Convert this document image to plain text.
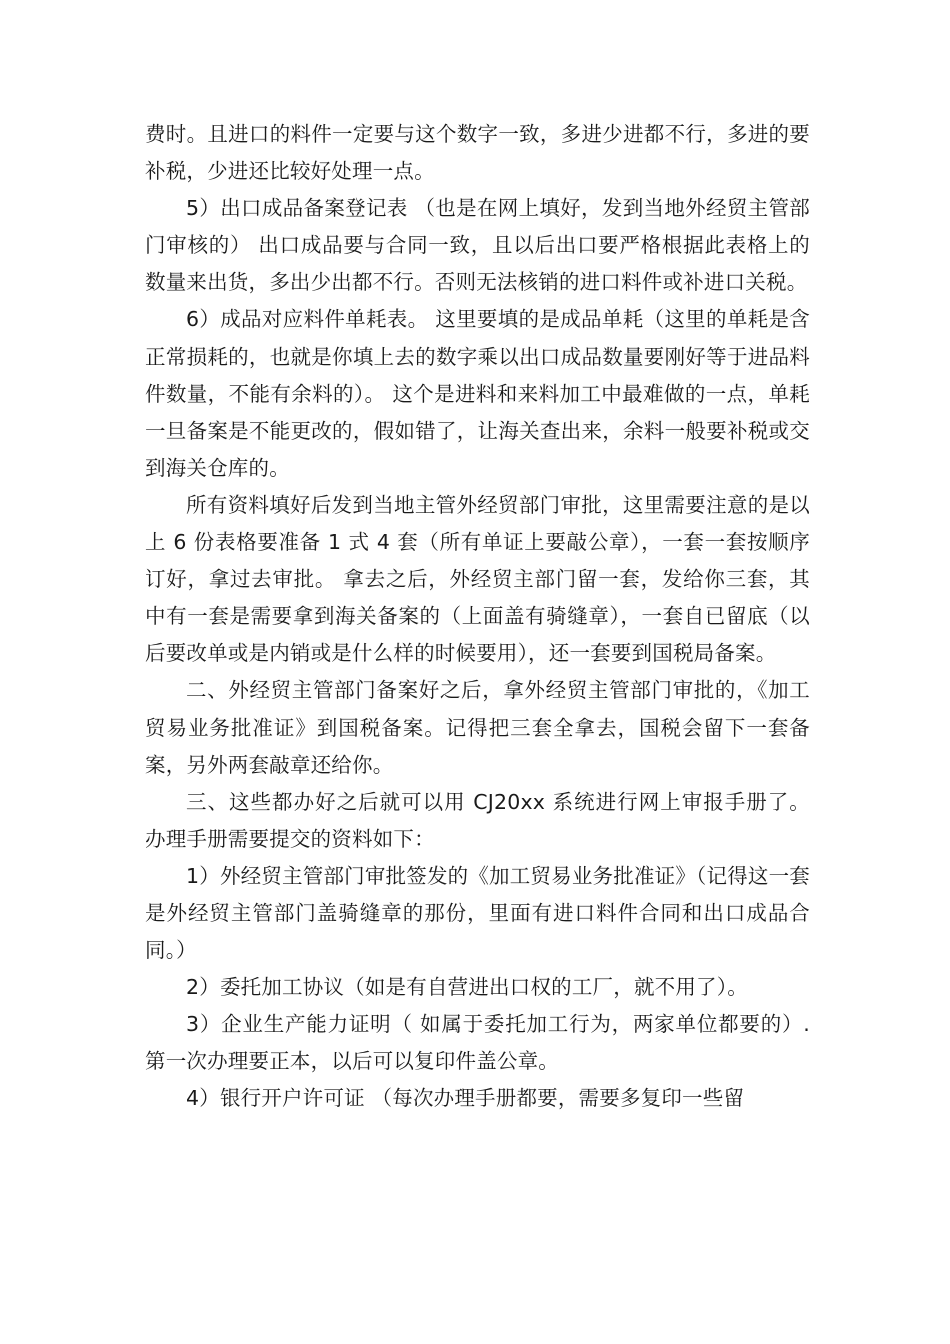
费时。且进口的料件一定要与这个数字一致，多进少进都不行，多进的要补税，少进还比较好处理一点。

5）出口成品备案登记表 （也是在网上填好，发到当地外经贸主管部门审核的） 出口成品要与合同一致，且以后出口要严格根据此表格上的数量来出货，多出少出都不行。否则无法核销的进口料件或补进口关税。

6）成品对应料件单耗表。 这里要填的是成品单耗（这里的单耗是含正常损耗的，也就是你填上去的数字乘以出口成品数量要刚好等于进品料件数量，不能有余料的）。 这个是进料和来料加工中最难做的一点，单耗一旦备案是不能更改的，假如错了，让海关查出来，余料一般要补税或交到海关仓库的。

所有资料填好后发到当地主管外经贸部门审批，这里需要注意的是以上 6 份表格要准备 1 式 4 套（所有单证上要敲公章），一套一套按顺序订好，拿过去审批。 拿去之后，外经贸主部门留一套，发给你三套，其中有一套是需要拿到海关备案的（上面盖有骑缝章），一套自已留底（以后要改单或是内销或是什么样的时候要用），还一套要到国税局备案。

二、外经贸主管部门备案好之后，拿外经贸主管部门审批的，《加工贸易业务批准证》到国税备案。记得把三套全拿去，国税会留下一套备案，另外两套敲章还给你。

三、这些都办好之后就可以用 CJ20xx 系统进行网上审报手册了。 办理手册需要提交的资料如下：

1）外经贸主管部门审批签发的《加工贸易业务批准证》（记得这一套是外经贸主管部门盖骑缝章的那份，里面有进口料件合同和出口成品合同。）

2）委托加工协议（如是有自营进出口权的工厂，就不用了）。

3）企业生产能力证明（ 如属于委托加工行为，两家单位都要的）.第一次办理要正本，以后可以复印件盖公章。

4）银行开户许可证 （每次办理手册都要，需要多复印一些留
